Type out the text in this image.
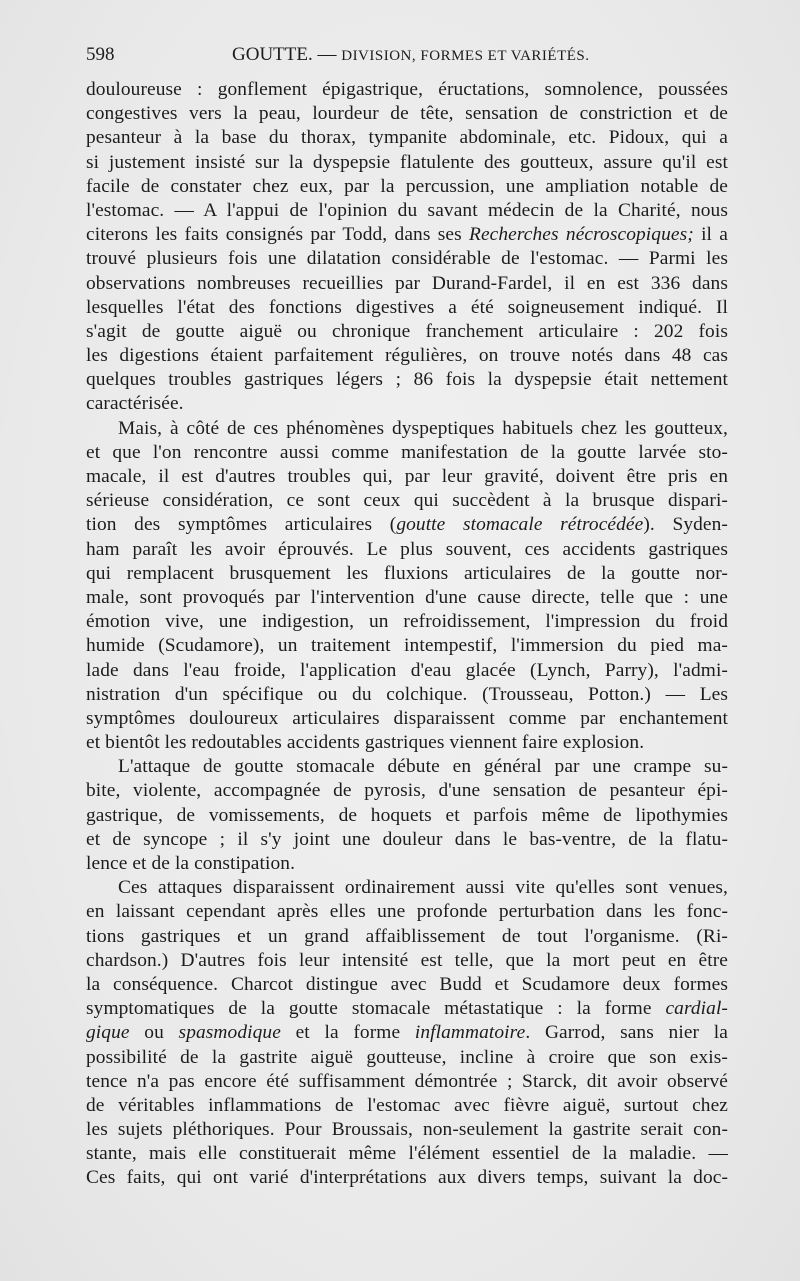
598	GOUTTE. — DIVISION, FORMES ET VARIÉTÉS.
douloureuse : gonflement épigastrique, éructations, somnolence, poussées
congestives vers la peau, lourdeur de tête, sensation de constriction et de
pesanteur à la base du thorax, tympanite abdominale, etc. Pidoux, qui a
si justement insisté sur la dyspepsie flatulente des goutteux, assure qu'il est
facile de constater chez eux, par la percussion, une ampliation notable de
l'estomac. — A l'appui de l'opinion du savant médecin de la Charité, nous
citerons les faits consignés par Todd, dans ses Recherches nécroscopiques; il a
trouvé plusieurs fois une dilatation considérable de l'estomac. — Parmi les
observations nombreuses recueillies par Durand-Fardel, il en est 336 dans
lesquelles l'état des fonctions digestives a été soigneusement indiqué. Il
s'agit de goutte aiguë ou chronique franchement articulaire : 202 fois
les digestions étaient parfaitement régulières, on trouve notés dans 48 cas
quelques troubles gastriques légers ; 86 fois la dyspepsie était nettement
caractérisée.
Mais, à côté de ces phénomènes dyspeptiques habituels chez les goutteux,
et que l'on rencontre aussi comme manifestation de la goutte larvée sto-
macale, il est d'autres troubles qui, par leur gravité, doivent être pris en
sérieuse considération, ce sont ceux qui succèdent à la brusque dispari-
tion des symptômes articulaires (goutte stomacale rétrocédée). Syden-
ham paraît les avoir éprouvés. Le plus souvent, ces accidents gastriques
qui remplacent brusquement les fluxions articulaires de la goutte nor-
male, sont provoqués par l'intervention d'une cause directe, telle que : une
émotion vive, une indigestion, un refroidissement, l'impression du froid
humide (Scudamore), un traitement intempestif, l'immersion du pied ma-
lade dans l'eau froide, l'application d'eau glacée (Lynch, Parry), l'admi-
nistration d'un spécifique ou du colchique. (Trousseau, Potton.) — Les
symptômes douloureux articulaires disparaissent comme par enchantement
et bientôt les redoutables accidents gastriques viennent faire explosion.
L'attaque de goutte stomacale débute en général par une crampe su-
bite, violente, accompagnée de pyrosis, d'une sensation de pesanteur épi-
gastrique, de vomissements, de hoquets et parfois même de lipothymies
et de syncope ; il s'y joint une douleur dans le bas-ventre, de la flatu-
lence et de la constipation.
Ces attaques disparaissent ordinairement aussi vite qu'elles sont venues,
en laissant cependant après elles une profonde perturbation dans les fonc-
tions gastriques et un grand affaiblissement de tout l'organisme. (Ri-
chardson.) D'autres fois leur intensité est telle, que la mort peut en être
la conséquence. Charcot distingue avec Budd et Scudamore deux formes
symptomatiques de la goutte stomacale métastatique : la forme cardial-
gique ou spasmodique et la forme inflammatoire. Garrod, sans nier la
possibilité de la gastrite aiguë goutteuse, incline à croire que son exis-
tence n'a pas encore été suffisamment démontrée ; Starck, dit avoir observé
de véritables inflammations de l'estomac avec fièvre aiguë, surtout chez
les sujets pléthoriques. Pour Broussais, non-seulement la gastrite serait con-
stante, mais elle constituerait même l'élément essentiel de la maladie. —
Ces faits, qui ont varié d'interprétations aux divers temps, suivant la doc-
